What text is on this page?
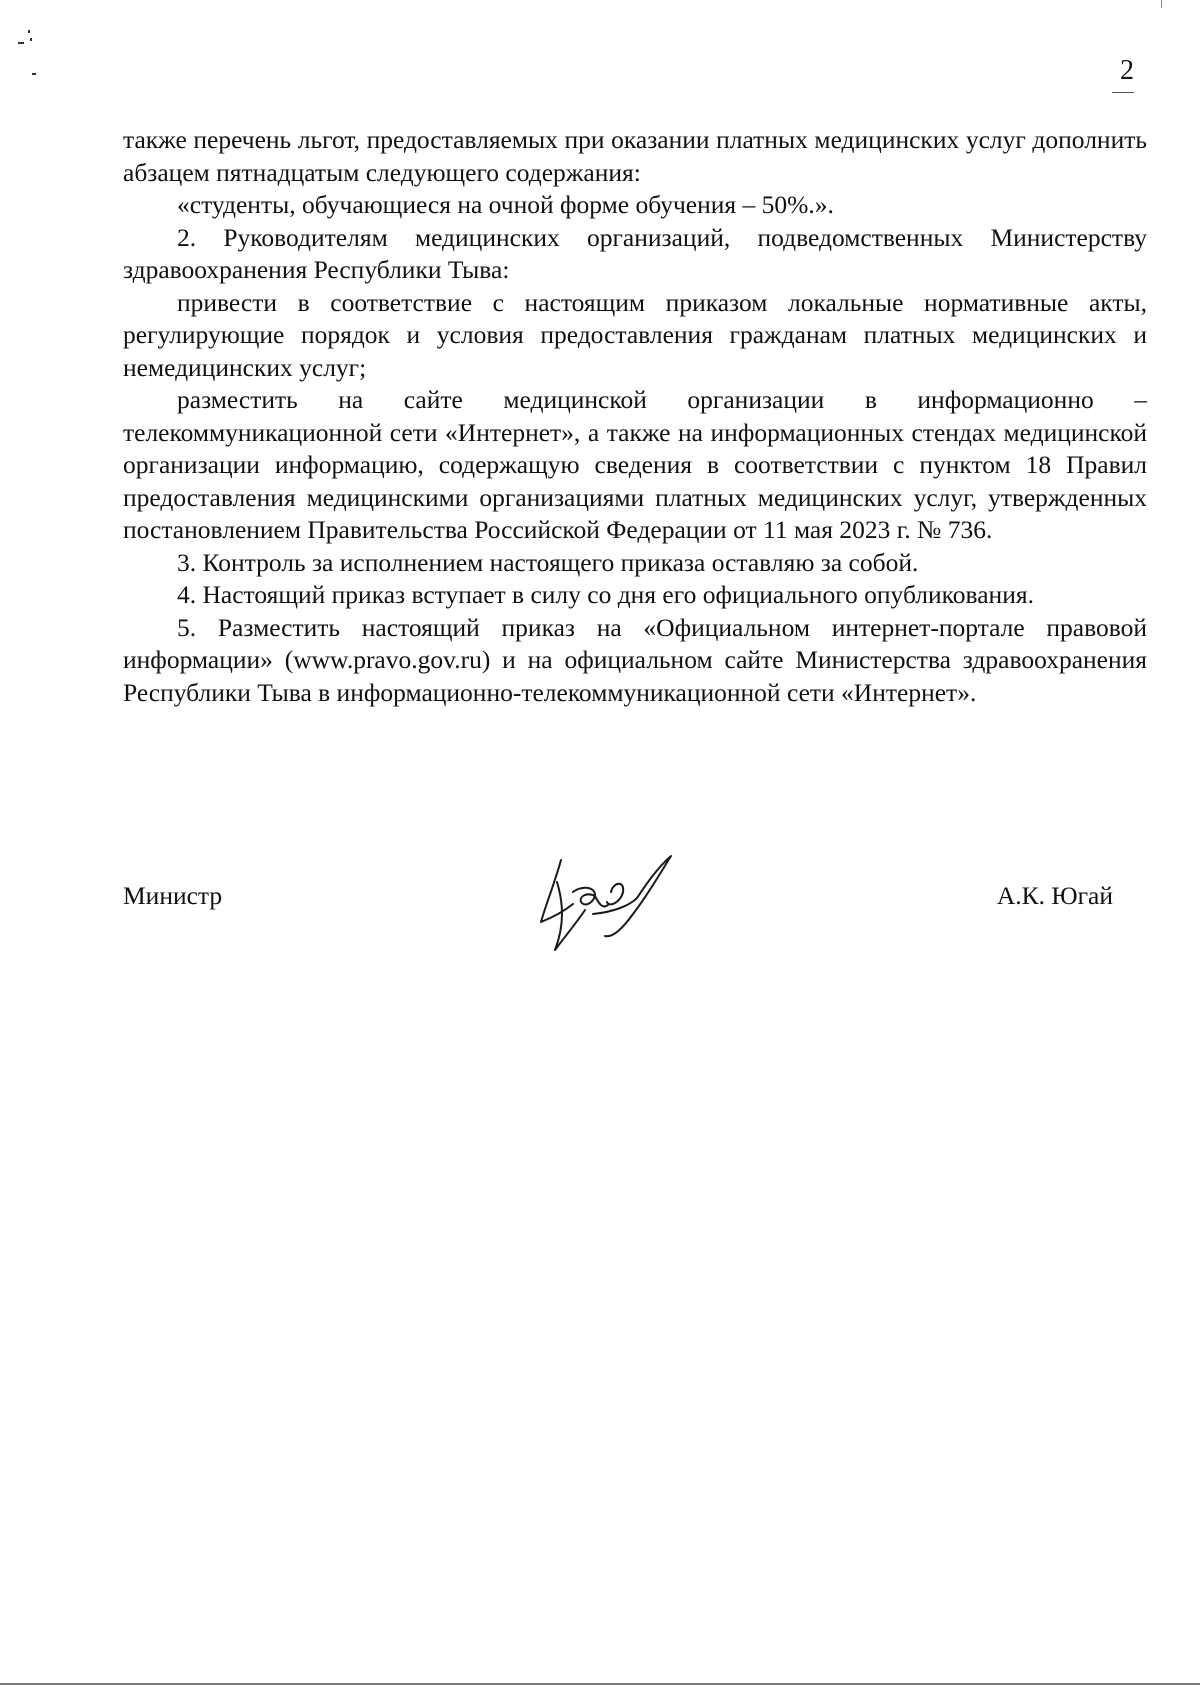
2

также перечень льгот, предоставляемых при оказании платных медицинских услуг дополнить абзацем пятнадцатым следующего содержания:

«студенты, обучающиеся на очной форме обучения – 50%.».

2. Руководителям медицинских организаций, подведомственных Министерству здравоохранения Республики Тыва:

привести в соответствие с настоящим приказом локальные нормативные акты, регулирующие порядок и условия предоставления гражданам платных медицинских и немедицинских услуг;

разместить на сайте медицинской организации в информационно – телекоммуникационной сети «Интернет», а также на информационных стендах медицинской организации информацию, содержащую сведения в соответствии с пунктом 18 Правил предоставления медицинскими организациями платных медицинских услуг, утвержденных постановлением Правительства Российской Федерации от 11 мая 2023 г. № 736.

3. Контроль за исполнением настоящего приказа оставляю за собой.

4. Настоящий приказ вступает в силу со дня его официального опубликования.

5. Разместить настоящий приказ на «Официальном интернет-портале правовой информации» (www.pravo.gov.ru) и на официальном сайте Министерства здравоохранения Республики Тыва в информационно-телекоммуникационной сети «Интернет».

Министр	А.К. Югай
